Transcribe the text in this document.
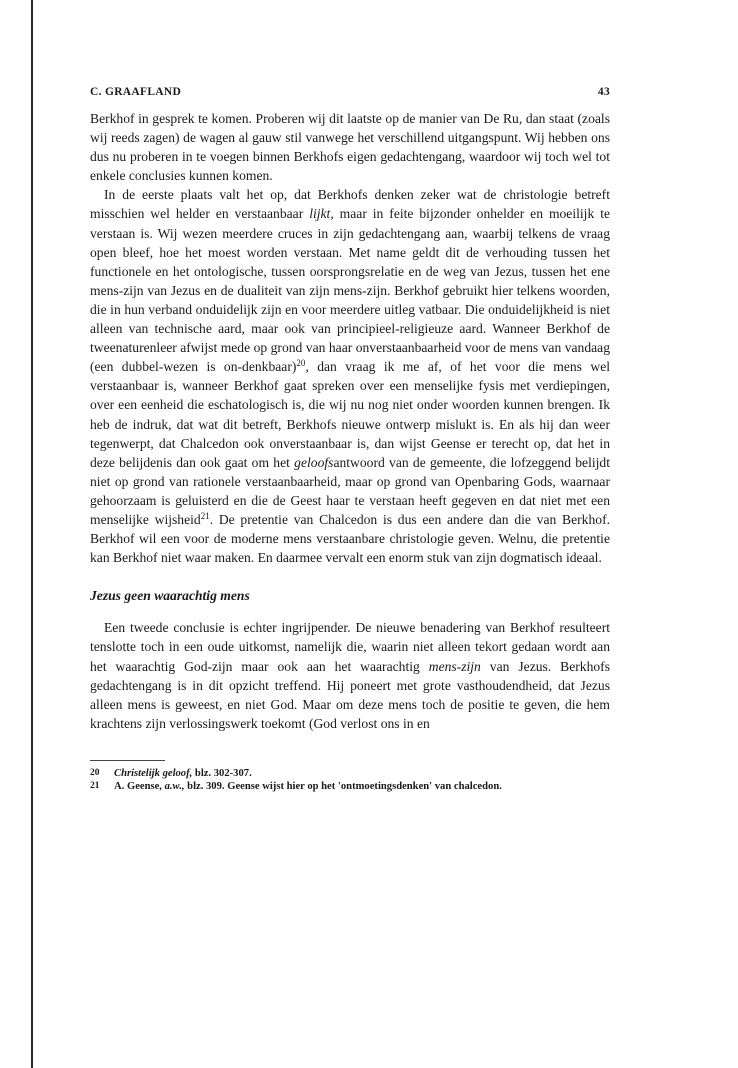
C. GRAAFLAND	43

Berkhof in gesprek te komen. Proberen wij dit laatste op de manier van De Ru, dan staat (zoals wij reeds zagen) de wagen al gauw stil vanwege het verschillend uitgangspunt. Wij hebben ons dus nu proberen in te voegen binnen Berkhofs eigen gedachtengang, waardoor wij toch wel tot enkele conclusies kunnen komen.

In de eerste plaats valt het op, dat Berkhofs denken zeker wat de christologie betreft misschien wel helder en verstaanbaar lijkt, maar in feite bijzonder onhelder en moeilijk te verstaan is. Wij wezen meerdere cruces in zijn gedachtengang aan, waarbij telkens de vraag open bleef, hoe het moest worden verstaan. Met name geldt dit de verhouding tussen het functionele en het ontologische, tussen oorsprongsrelatie en de weg van Jezus, tussen het ene mens-zijn van Jezus en de dualiteit van zijn mens-zijn. Berkhof gebruikt hier telkens woorden, die in hun verband onduidelijk zijn en voor meerdere uitleg vatbaar. Die onduidelijkheid is niet alleen van technische aard, maar ook van principieel-religieuze aard. Wanneer Berkhof de tweenaturenleer afwijst mede op grond van haar onverstaanbaarheid voor de mens van vandaag (een dubbel-wezen is on-denkbaar)$^{20}$, dan vraag ik me af, of het voor die mens wel verstaanbaar is, wanneer Berkhof gaat spreken over een menselijke fysis met verdiepingen, over een eenheid die eschatologisch is, die wij nu nog niet onder woorden kunnen brengen. Ik heb de indruk, dat wat dit betreft, Berkhofs nieuwe ontwerp mislukt is. En als hij dan weer tegenwerpt, dat Chalcedon ook onverstaanbaar is, dan wijst Geense er terecht op, dat het in deze belijdenis dan ook gaat om het geloofsantwoord van de gemeente, die lofzeggend belijdt niet op grond van rationele verstaanbaarheid, maar op grond van Openbaring Gods, waarnaar gehoorzaam is geluisterd en die de Geest haar te verstaan heeft gegeven en dat niet met een menselijke wijsheid$^{21}$. De pretentie van Chalcedon is dus een andere dan die van Berkhof. Berkhof wil een voor de moderne mens verstaanbare christologie geven. Welnu, die pretentie kan Berkhof niet waar maken. En daarmee vervalt een enorm stuk van zijn dogmatisch ideaal.

Jezus geen waarachtig mens

Een tweede conclusie is echter ingrijpender. De nieuwe benadering van Berkhof resulteert tenslotte toch in een oude uitkomst, namelijk die, waarin niet alleen tekort gedaan wordt aan het waarachtig God-zijn maar ook aan het waarachtig mens-zijn van Jezus. Berkhofs gedachtengang is in dit opzicht treffend. Hij poneert met grote vasthoudendheid, dat Jezus alleen mens is geweest, en niet God. Maar om deze mens toch de positie te geven, die hem krachtens zijn verlossingswerk toekomt (God verlost ons in en

20	Christelijk geloof, blz. 302-307.
21	A. Geense, a.w., blz. 309. Geense wijst hier op het 'ontmoetingsdenken' van chalcedon.
